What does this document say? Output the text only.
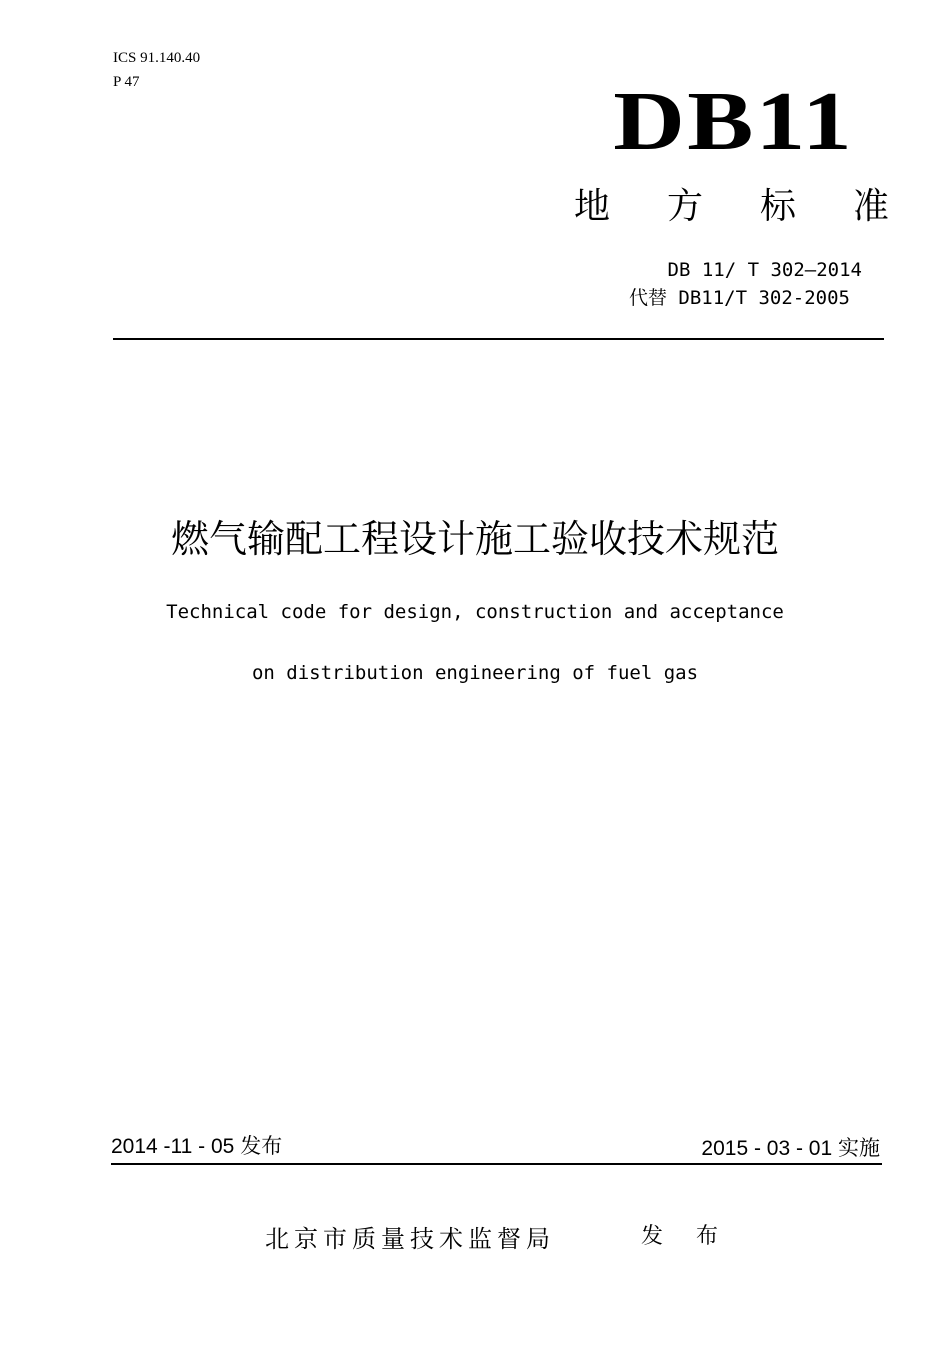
ICS 91.140.40
P 47	DB11
地 方 标 准
DB 11/ T 302—2014
代替 DB11/T 302-2005
燃气输配工程设计施工验收技术规范
Technical code for design, construction and acceptance
on distribution engineering of fuel gas
2014 -11 - 05 发布	2015 - 03 - 01 实施
北京市质量技术监督局	发 布
